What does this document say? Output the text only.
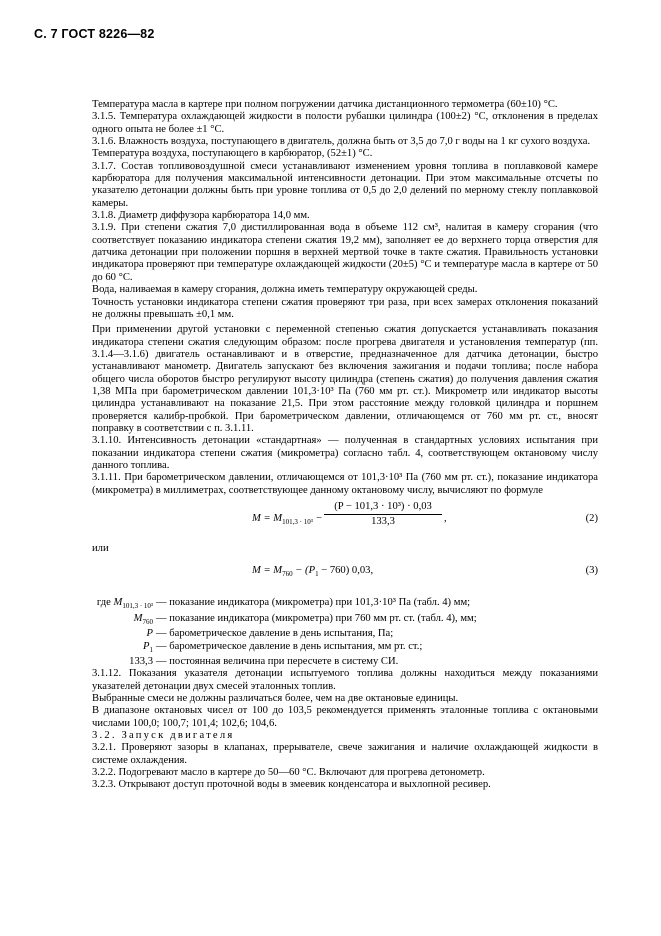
С. 7 ГОСТ 8226—82

Температура масла в картере при полном погружении датчика дистанционного термометра (60±10) °С.

3.1.5. Температура охлаждающей жидкости в полости рубашки цилиндра (100±2) °С, отклонения в пределах одного опыта не более ±1 °С.

3.1.6. Влажность воздуха, поступающего в двигатель, должна быть от 3,5 до 7,0 г воды на 1 кг сухого воздуха.

Температура воздуха, поступающего в карбюратор, (52±1) °С.

3.1.7. Состав топливовоздушной смеси устанавливают изменением уровня топлива в поплавковой камере карбюратора для получения максимальной интенсивности детонации. При этом максимальные отсчеты по указателю детонации должны быть при уровне топлива от 0,5 до 2,0 делений по мерному стеклу поплавковой камеры.

3.1.8. Диаметр диффузора карбюратора 14,0 мм.

3.1.9. При степени сжатия 7,0 дистиллированная вода в объеме 112 см³, налитая в камеру сгорания (что соответствует показанию индикатора степени сжатия 19,2 мм), заполняет ее до верхнего торца отверстия для датчика детонации при положении поршня в верхней мертвой точке в такте сжатия. Правильность установки индикатора проверяют при температуре охлаждающей жидкости (20±5) °С и температуре масла в картере от 50 до 60 °С.

Вода, наливаемая в камеру сгорания, должна иметь температуру окружающей среды.

Точность установки индикатора степени сжатия проверяют три раза, при всех замерах отклонения показаний не должны превышать ±0,1 мм.

При применении другой установки с переменной степенью сжатия допускается устанавливать показания индикатора степени сжатия следующим образом: после прогрева двигателя и установления температур (пп. 3.1.4—3.1.6) двигатель останавливают и в отверстие, предназначенное для датчика детонации, быстро устанавливают манометр. Двигатель запускают без включения зажигания и подачи топлива; после набора общего числа оборотов быстро регулируют высоту цилиндра (степень сжатия) до получения давления сжатия 1,38 МПа при барометрическом давлении 101,3·10³ Па (760 мм рт. ст.). Микрометр или индикатор высоты цилиндра устанавливают на показание 21,5. При этом расстояние между головкой цилиндра и поршнем проверяется калибр-пробкой. При барометрическом давлении, отличающемся от 760 мм рт. ст., вносят поправку в соответствии с п. 3.1.11.

3.1.10. Интенсивность детонации «стандартная» — полученная в стандартных условиях испытания при показании индикатора степени сжатия (микрометра) согласно табл. 4, соответствующем октановому числу данного топлива.

3.1.11. При барометрическом давлении, отличающемся от 101,3·10³ Па (760 мм рт. ст.), показание индикатора (микрометра) в миллиметрах, соответствующее данному октановому числу, вычисляют по формуле

$M = M_{101,3 \cdot 10^3} - \frac{\text{(P − 101,3 · 10³) · 0,03}}{133,3}$ ,	(2)

или

$M = M_{760} - (P_1 - 760)$ 0,03,	(3)
где $M_{101,3 \cdot 10^3}$ — показание индикатора (микрометра) при 101,3·10³ Па (табл. 4) мм;
$M_{760}$ — показание индикатора (микрометра) при 760 мм рт. ст. (табл. 4), мм;
P — барометрическое давление в день испытания, Па;
$P_1$ — барометрическое давление в день испытания, мм рт. ст.;
133,3 — постоянная величина при пересчете в систему СИ.

3.1.12. Показания указателя детонации испытуемого топлива должны находиться между показаниями указателей детонации двух смесей эталонных топлив.

Выбранные смеси не должны различаться более, чем на две октановые единицы.

В диапазоне октановых чисел от 100 до 103,5 рекомендуется применять эталонные топлива с октановыми числами 100,0; 100,7; 101,4; 102,6; 104,6.

3.2. Запуск двигателя

3.2.1. Проверяют зазоры в клапанах, прерывателе, свече зажигания и наличие охлаждающей жидкости в системе охлаждения.

3.2.2. Подогревают масло в картере до 50—60 °С. Включают для прогрева детонометр.

3.2.3. Открывают доступ проточной воды в змеевик конденсатора и выхлопной ресивер.
